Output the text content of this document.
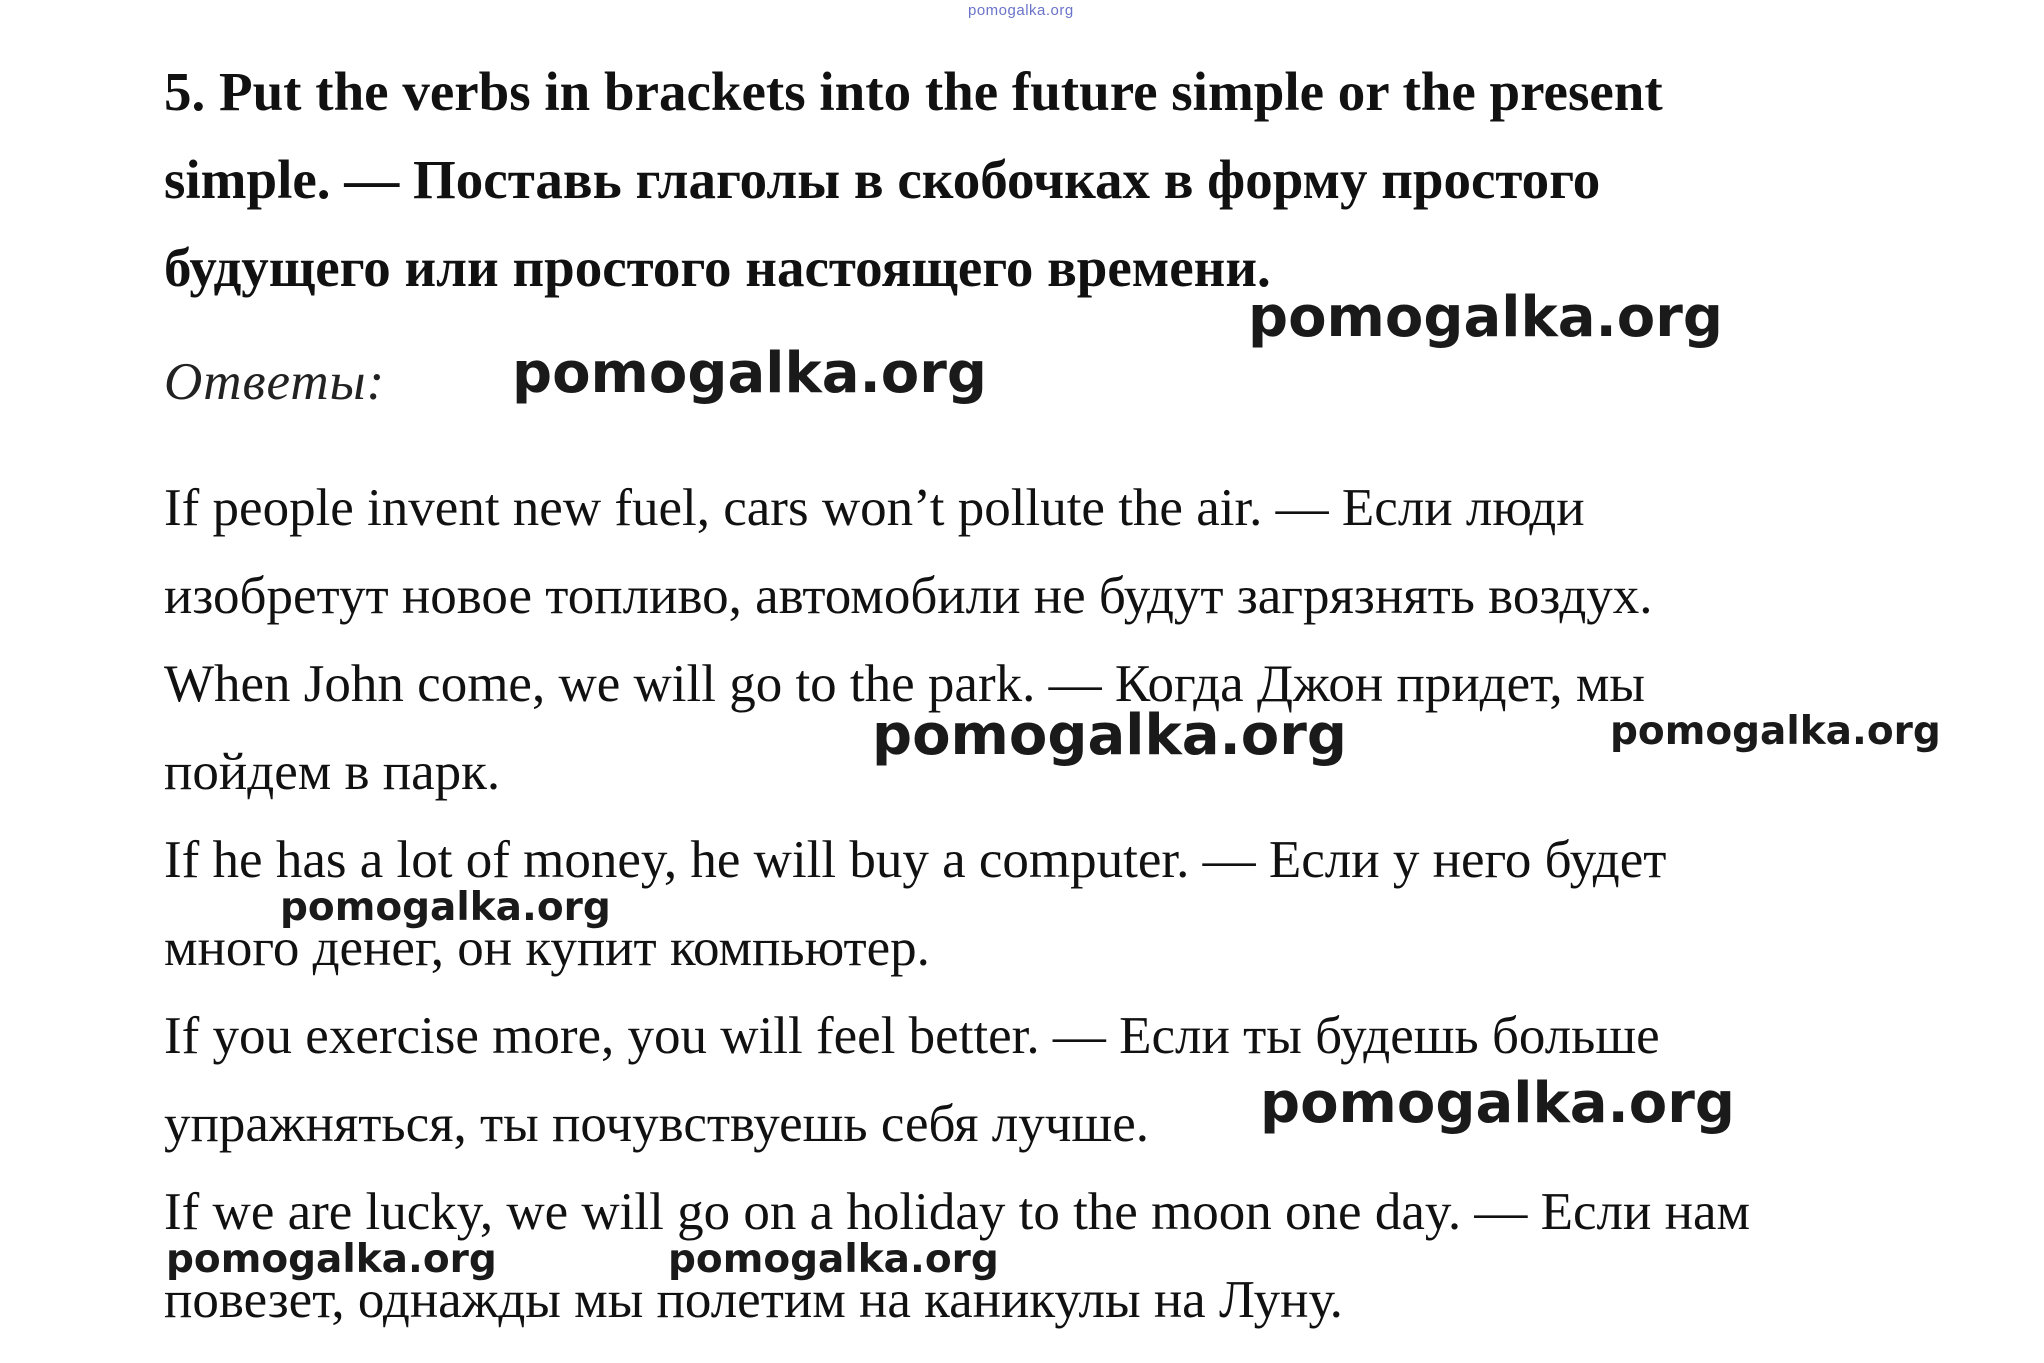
pomogalka.org
5. Put the verbs in brackets into the future simple or the present
simple. — Поставь глаголы в скобочках в форму простого
будущего или простого настоящего времени.
Ответы:
If people invent new fuel, cars won’t pollute the air. — Если люди
изобретут новое топливо, автомобили не будут загрязнять воздух.
When John come, we will go to the park. — Когда Джон придет, мы
пойдем в парк.
If he has a lot of money, he will buy a computer. — Если у него будет
много денег, он купит компьютер.
If you exercise more, you will feel better. — Если ты будешь больше
упражняться, ты почувствуешь себя лучше.
If we are lucky, we will go on a holiday to the moon one day. — Если нам
повезет, однажды мы полетим на каникулы на Луну.
pomogalka.org
pomogalka.org
pomogalka.org	pomogalka.org
pomogalka.org
pomogalka.org
pomogalka.org	pomogalka.org
